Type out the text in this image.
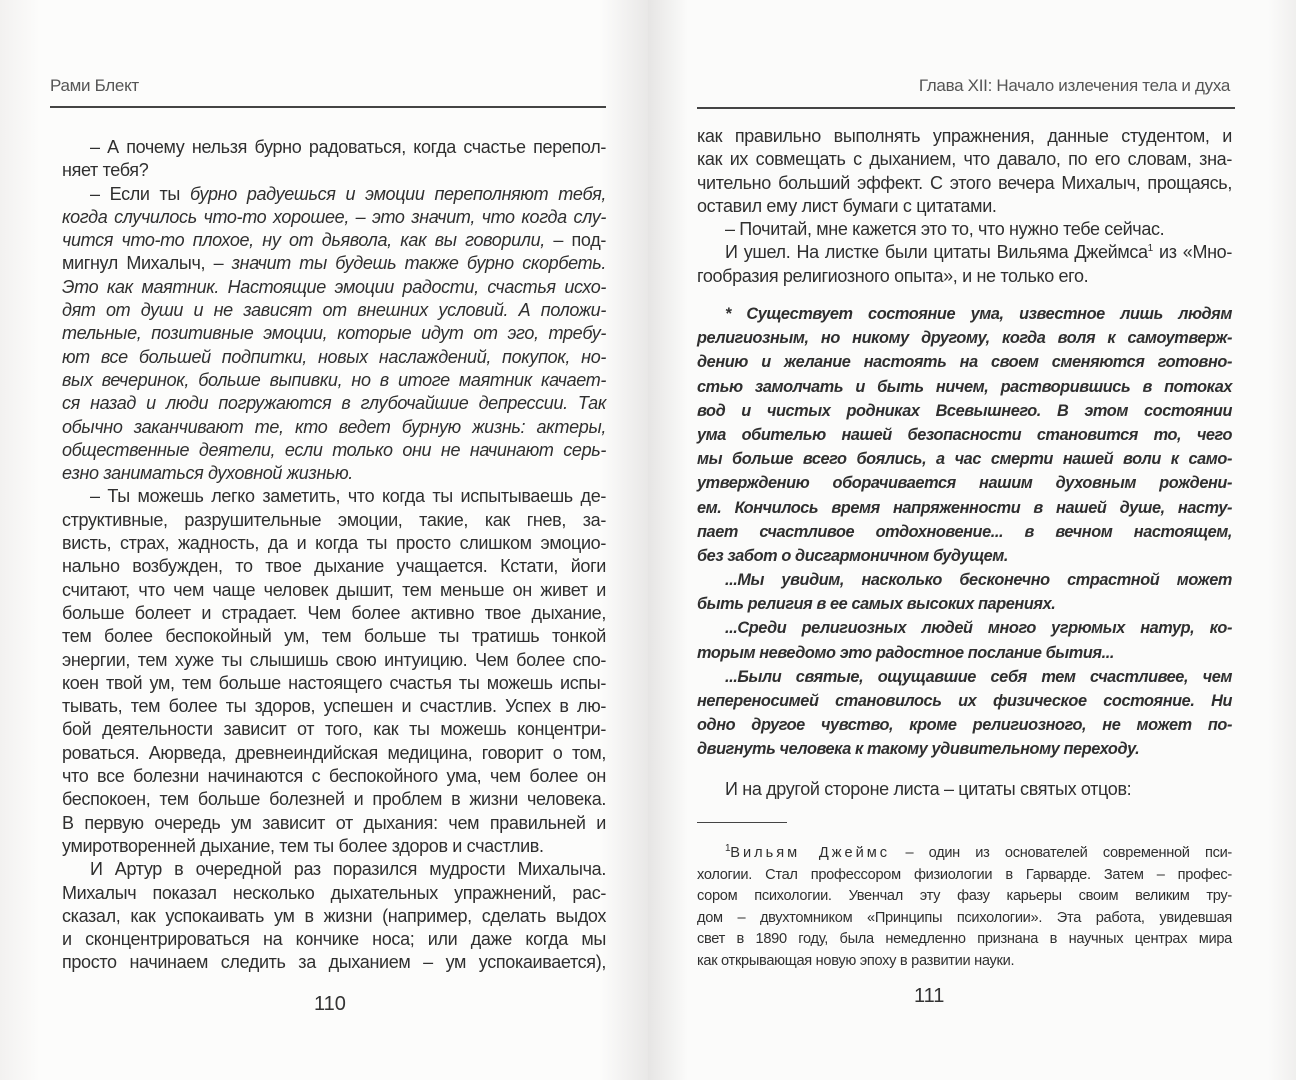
Рами Блект
– А почему нельзя бурно радоваться, когда счастье перепол-
няет тебя?
– Если ты бурно радуешься и эмоции переполняют тебя,
когда случилось что-то хорошее, – это значит, что когда слу-
чится что-то плохое, ну от дьявола, как вы говорили, – под-
мигнул Михалыч, – значит ты будешь также бурно скорбеть.
Это как маятник. Настоящие эмоции радости, счастья исхо-
дят от души и не зависят от внешних условий. А положи-
тельные, позитивные эмоции, которые идут от эго, требу-
ют все большей подпитки, новых наслаждений, покупок, но-
вых вечеринок, больше выпивки, но в итоге маятник качает-
ся назад и люди погружаются в глубочайшие депрессии. Так
обычно заканчивают те, кто ведет бурную жизнь: актеры,
общественные деятели, если только они не начинают серь-
езно заниматься духовной жизнью.
– Ты можешь легко заметить, что когда ты испытываешь де-
структивные, разрушительные эмоции, такие, как гнев, за-
висть, страх, жадность, да и когда ты просто слишком эмоцио-
нально возбужден, то твое дыхание учащается. Кстати, йоги
считают, что чем чаще человек дышит, тем меньше он живет и
больше болеет и страдает. Чем более активно твое дыхание,
тем более беспокойный ум, тем больше ты тратишь тонкой
энергии, тем хуже ты слышишь свою интуицию. Чем более спо-
коен твой ум, тем больше настоящего счастья ты можешь испы-
тывать, тем более ты здоров, успешен и счастлив. Успех в лю-
бой деятельности зависит от того, как ты можешь концентри-
роваться. Аюрведа, древнеиндийская медицина, говорит о том,
что все болезни начинаются с беспокойного ума, чем более он
беспокоен, тем больше болезней и проблем в жизни человека.
В первую очередь ум зависит от дыхания: чем правильней и
умиротворенней дыхание, тем ты более здоров и счастлив.
И Артур в очередной раз поразился мудрости Михалыча.
Михалыч показал несколько дыхательных упражнений, рас-
сказал, как успокаивать ум в жизни (например, сделать выдох
и сконцентрироваться на кончике носа; или даже когда мы
просто начинаем следить за дыханием – ум успокаивается),
110
Глава XII: Начало излечения тела и духа
как правильно выполнять упражнения, данные студентом, и
как их совмещать с дыханием, что давало, по его словам, зна-
чительно больший эффект. С этого вечера Михалыч, прощаясь,
оставил ему лист бумаги с цитатами.
– Почитай, мне кажется это то, что нужно тебе сейчас.
И ушел. На листке были цитаты Вильяма Джеймса$^1$ из «Мно-
гообразия религиозного опыта», и не только его.
* Существует состояние ума, известное лишь людям
религиозным, но никому другому, когда воля к самоутверж-
дению и желание настоять на своем сменяются готовно-
стью замолчать и быть ничем, растворившись в потоках
вод и чистых родниках Всевышнего. В этом состоянии
ума обителью нашей безопасности становится то, чего
мы больше всего боялись, а час смерти нашей воли к само-
утверждению оборачивается нашим духовным рождени-
ем. Кончилось время напряженности в нашей душе, насту-
пает счастливое отдохновение... в вечном настоящем,
без забот о дисгармоничном будущем.
...Мы увидим, насколько бесконечно страстной может
быть религия в ее самых высоких парениях.
...Среди религиозных людей много угрюмых натур, ко-
торым неведомо это радостное послание бытия...
...Были святые, ощущавшие себя тем счастливее, чем
непереносимей становилось их физическое состояние. Ни
одно другое чувство, кроме религиозного, не может по-
двигнуть человека к такому удивительному переходу.
И на другой стороне листа – цитаты святых отцов:
$^1$Вильям Джеймс – один из основателей современной пси-
хологии. Стал профессором физиологии в Гарварде. Затем – профес-
сором психологии. Увенчал эту фазу карьеры своим великим тру-
дом – двухтомником «Принципы психологии». Эта работа, увидевшая
свет в 1890 году, была немедленно признана в научных центрах мира
как открывающая новую эпоху в развитии науки.
111
